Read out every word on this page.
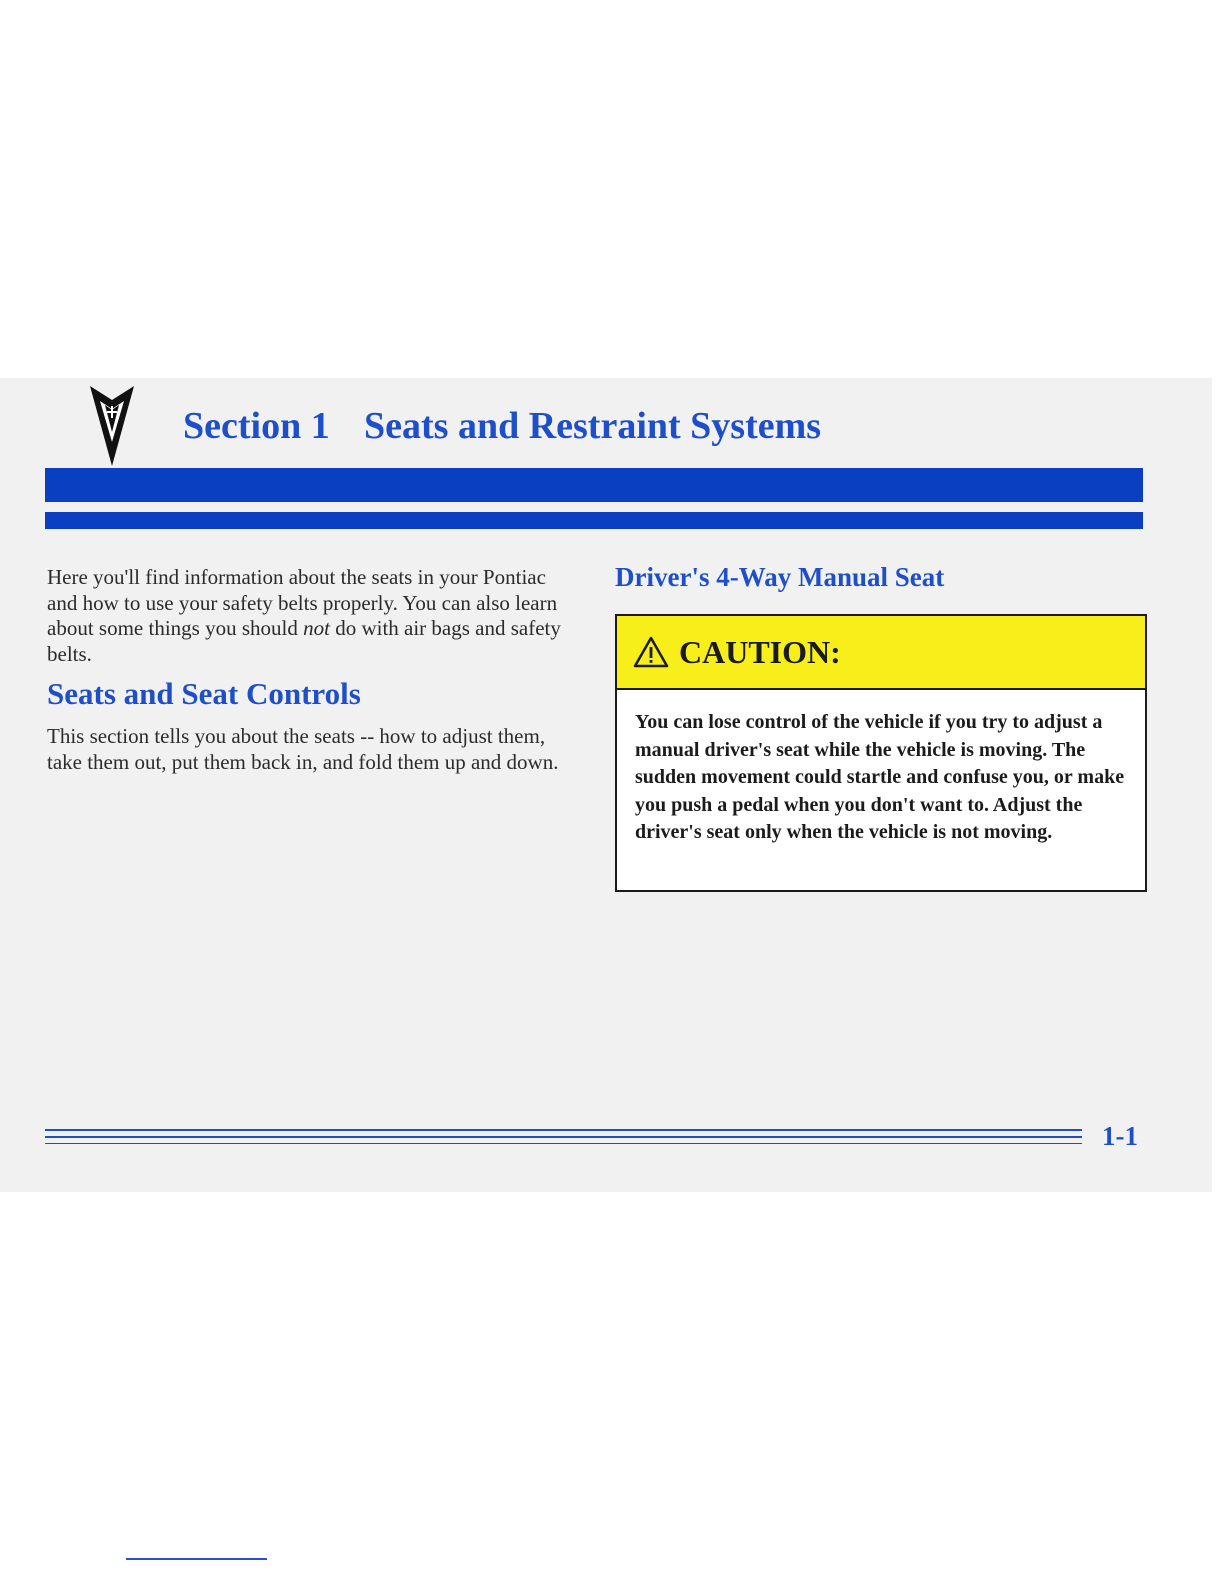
Section 1 Seats and Restraint Systems

Here you'll find information about the seats in your Pontiac and how to use your safety belts properly. You can also learn about some things you should not do with air bags and safety belts.

Seats and Seat Controls

This section tells you about the seats -- how to adjust them, take them out, put them back in, and fold them up and down.

Driver's 4-Way Manual Seat
CAUTION:

You can lose control of the vehicle if you try to adjust a manual driver's seat while the vehicle is moving. The sudden movement could startle and confuse you, or make you push a pedal when you don't want to. Adjust the driver's seat only when the vehicle is not moving.

1-1
